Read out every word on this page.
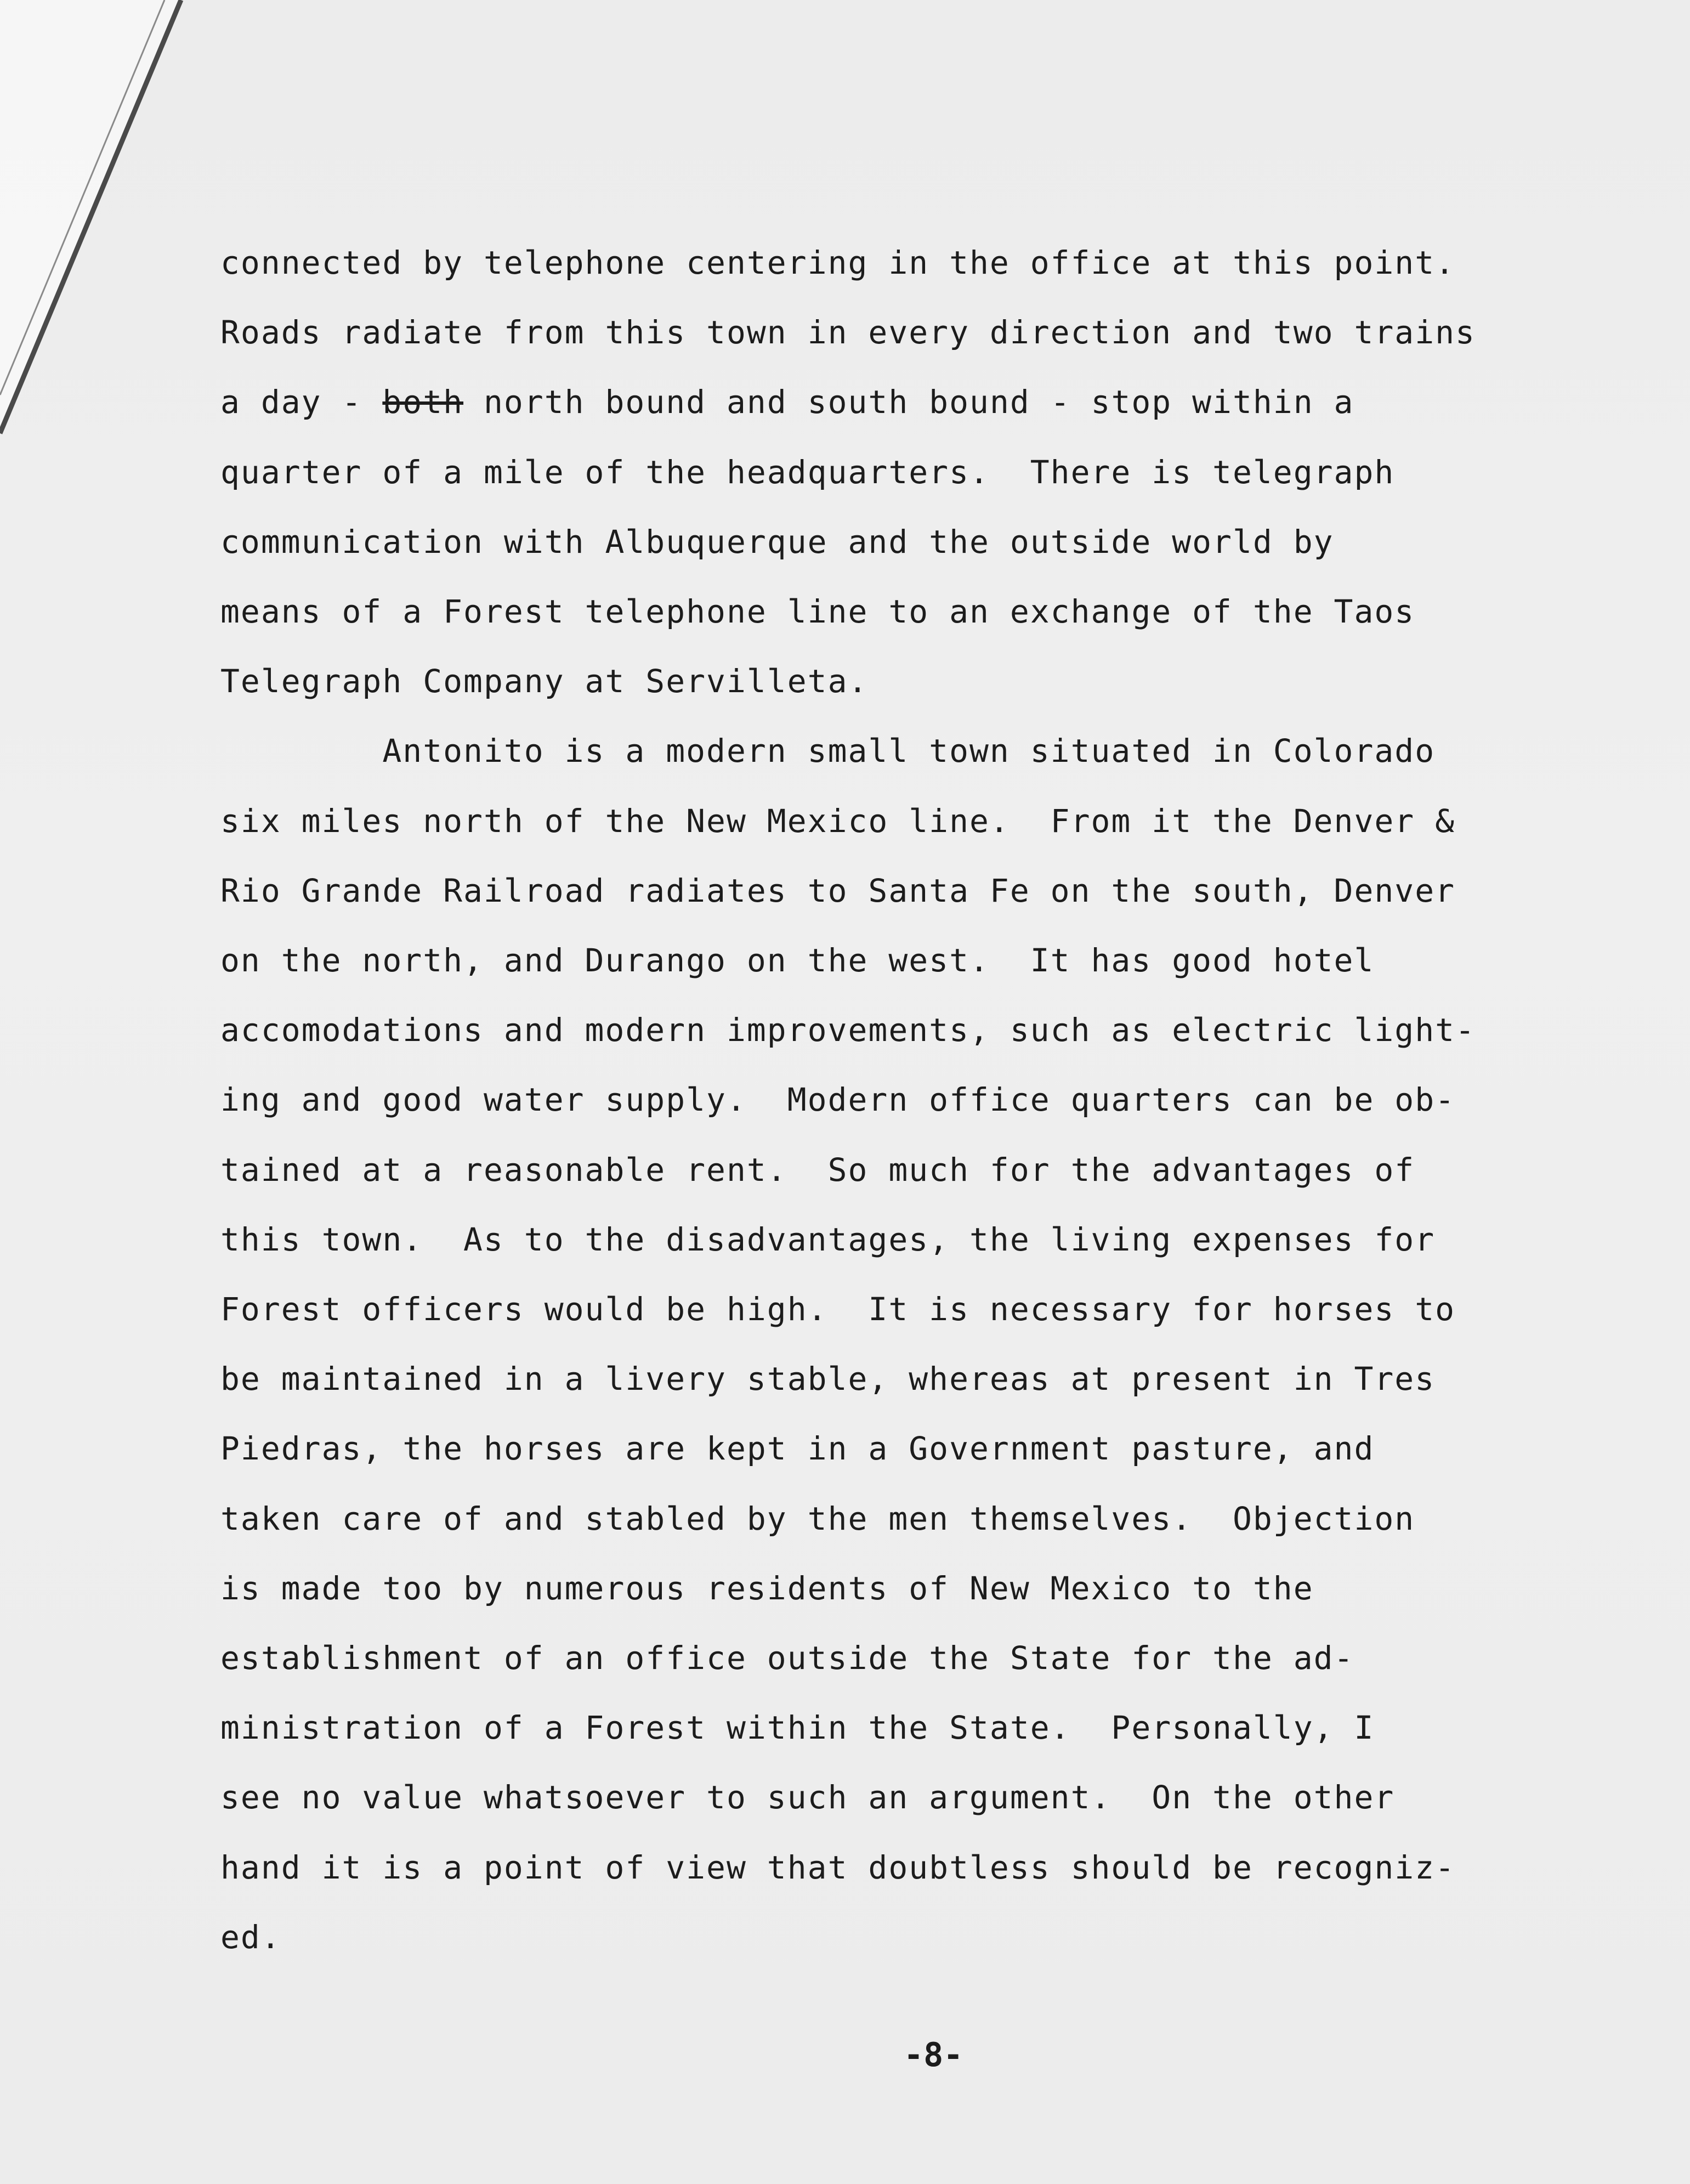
connected by telephone centering in the office at this point.
Roads radiate from this town in every direction and two trains
a day - both north bound and south bound - stop within a
quarter of a mile of the headquarters.  There is telegraph
communication with Albuquerque and the outside world by
means of a Forest telephone line to an exchange of the Taos
Telegraph Company at Servilleta.
Antonito is a modern small town situated in Colorado
six miles north of the New Mexico line.  From it the Denver &
Rio Grande Railroad radiates to Santa Fe on the south, Denver
on the north, and Durango on the west.  It has good hotel
accomodations and modern improvements, such as electric light-
ing and good water supply.  Modern office quarters can be ob-
tained at a reasonable rent.  So much for the advantages of
this town.  As to the disadvantages, the living expenses for
Forest officers would be high.  It is necessary for horses to
be maintained in a livery stable, whereas at present in Tres
Piedras, the horses are kept in a Government pasture, and
taken care of and stabled by the men themselves.  Objection
is made too by numerous residents of New Mexico to the
establishment of an office outside the State for the ad-
ministration of a Forest within the State.  Personally, I
see no value whatsoever to such an argument.  On the other
hand it is a point of view that doubtless should be recogniz-
ed.
-8-
